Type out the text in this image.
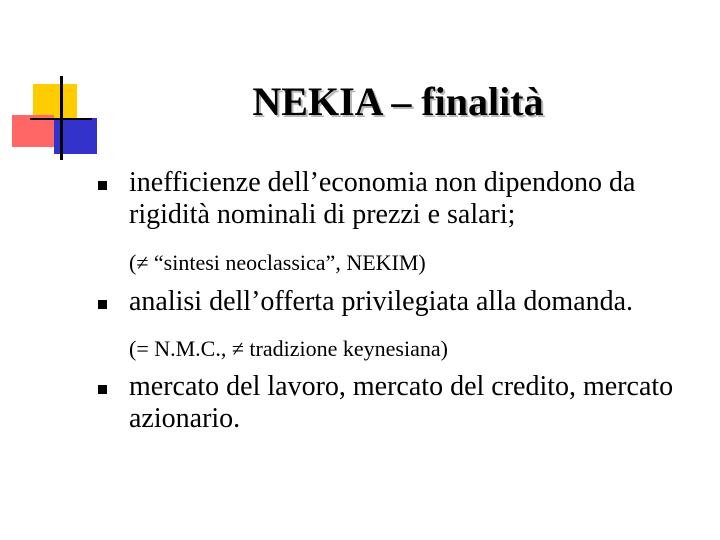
NEKIA – finalità
inefficienze dell’economia non dipendono da rigidità nominali di prezzi e salari;
(≠ “sintesi neoclassica”, NEKIM)
analisi dell’offerta privilegiata alla domanda.
(= N.M.C., ≠ tradizione keynesiana)
mercato del lavoro, mercato del credito, mercato azionario.
